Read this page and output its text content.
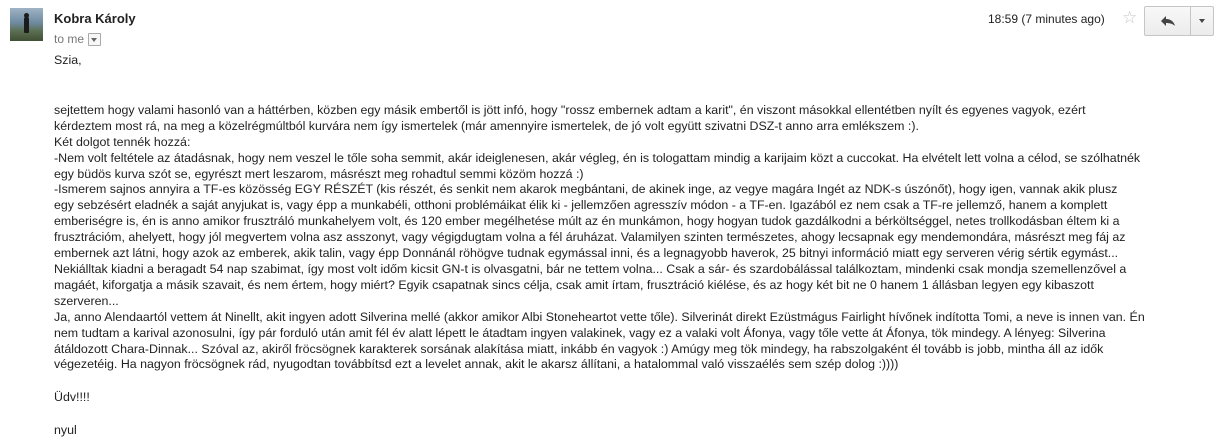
Kobra Károly
to me
18:59 (7 minutes ago) ☆

Szia,

sejtettem hogy valami hasonló van a háttérben, közben egy másik embertől is jött infó, hogy "rossz embernek adtam a karit", én viszont másokkal ellentétben nyílt és egyenes vagyok, ezért

kérdeztem most rá, na meg a közelrégmúltból kurvára nem így ismertelek (már amennyire ismertelek, de jó volt együtt szivatni DSZ-t anno arra emlékszem :).

Két dolgot tennék hozzá:

-Nem volt feltétele az átadásnak, hogy nem veszel le tőle soha semmit, akár ideiglenesen, akár végleg, én is tologattam mindig a karijaim közt a cuccokat. Ha elvételt lett volna a célod, se szólhatnék

egy büdös kurva szót se, egyrészt mert leszarom, másrészt meg rohadtul semmi közöm hozzá :)

-Ismerem sajnos annyira a TF-es közösség EGY RÉSZÉT (kis részét, és senkit nem akarok megbántani, de akinek inge, az vegye magára Ingét az NDK-s úszónőt), hogy igen, vannak akik plusz

egy sebzésért eladnék a saját anyjukat is, vagy épp a munkabéli, otthoni problémáikat élik ki - jellemzően agresszív módon - a TF-en. Igazából ez nem csak a TF-re jellemző, hanem a komplett

emberiségre is, én is anno amikor frusztráló munkahelyem volt, és 120 ember megélhetése múlt az én munkámon, hogy hogyan tudok gazdálkodni a bérköltséggel, netes trollkodásban éltem ki a

frusztrációm, ahelyett, hogy jól megvertem volna asz asszonyt, vagy végigdugtam volna a fél áruházat. Valamilyen szinten természetes, ahogy lecsapnak egy mendemondára, másrészt meg fáj az

embernek azt látni, hogy azok az emberek, akik talin, vagy épp Donnánál röhögve tudnak egymással inni, és a legnagyobb haverok, 25 bitnyi információ miatt egy serveren vérig sértik egymást...

Nekiálltak kiadni a beragadt 54 nap szabimat, így most volt időm kicsit GN-t is olvasgatni, bár ne tettem volna... Csak a sár- és szardobálással találkoztam, mindenki csak mondja szemellenzővel a

magáét, kiforgatja a másik szavait, és nem értem, hogy miért? Egyik csapatnak sincs célja, csak amit írtam, frusztráció kiélése, és az hogy két bit ne 0 hanem 1 állásban legyen egy kibaszott

szerveren...

Ja, anno Alendaartól vettem át Ninellt, akit ingyen adott Silverina mellé (akkor amikor Albi Stoneheartot vette tőle). Silverinát direkt Ezüstmágus Fairlight hívőnek indította Tomi, a neve is innen van. Én

nem tudtam a karival azonosulni, így pár forduló után amit fél év alatt lépett le átadtam ingyen valakinek, vagy ez a valaki volt Áfonya, vagy tőle vette át Áfonya, tök mindegy. A lényeg: Silverina

átáldozott Chara-Dinnak... Szóval az, akiről fröcsögnek karakterek sorsának alakítása miatt, inkább én vagyok :) Amúgy meg tök mindegy, ha rabszolgaként él tovább is jobb, mintha áll az idők

végezetéig. Ha nagyon fröcsögnek rád, nyugodtan továbbítsd ezt a levelet annak, akit le akarsz állítani, a hatalommal való visszaélés sem szép dolog :))))

Üdv!!!!

nyul
